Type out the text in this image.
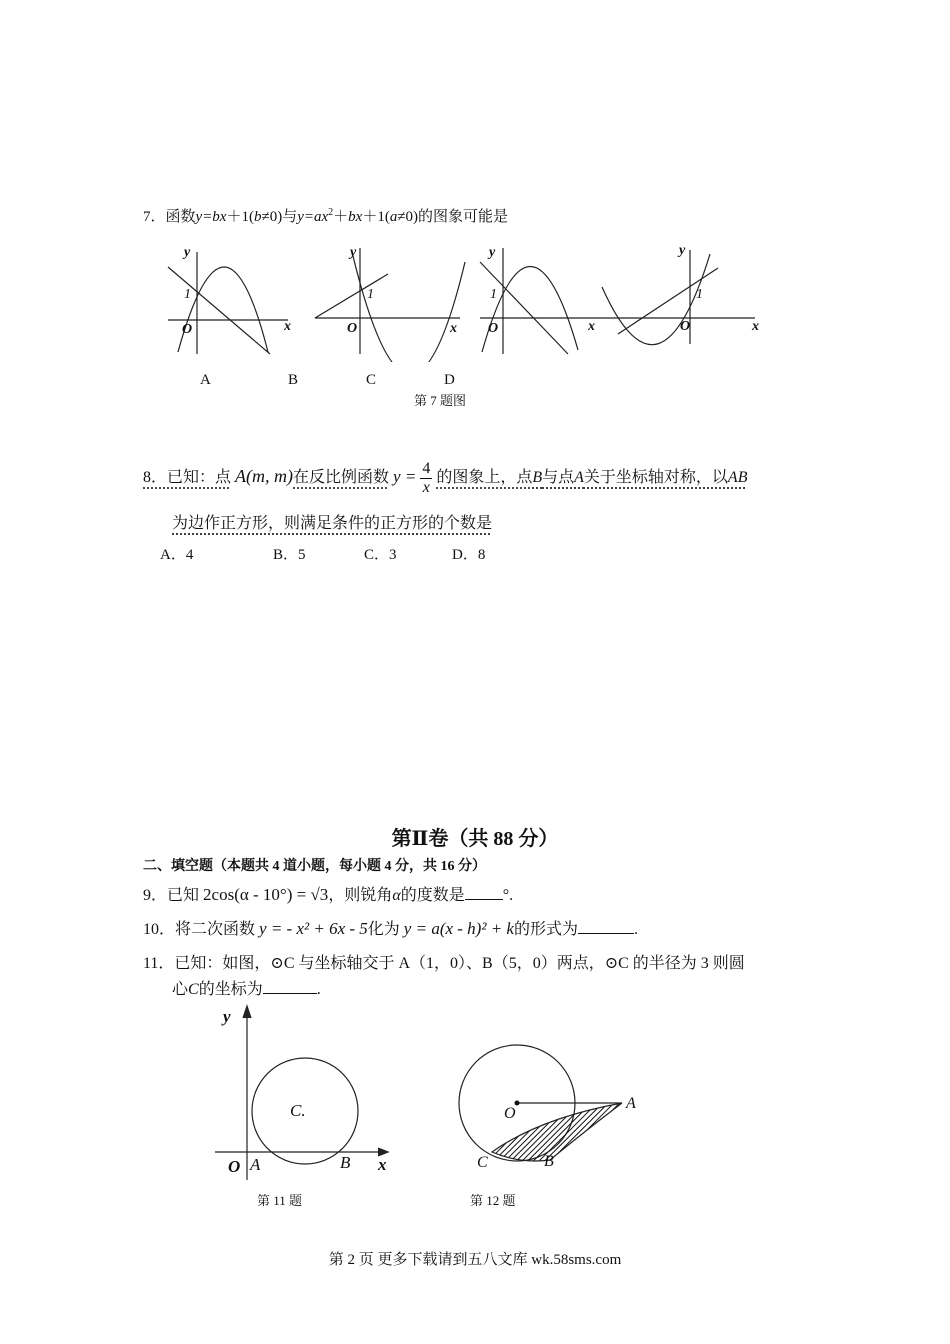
7．函数y=bx＋1(b≠0)与$y=ax^2+bx+1(a\ne 0)$的图象可能是
y
x
O
1
y
x
O
1
y
x
O
1
y
x
O
1
A	B	C	D
第 7 题图
8．已知：点 A(m, m)在反比例函数 $y = \frac{4}{x}$ 的图象上，点B与点A关于坐标轴对称，以AB
为边作正方形，则满足条件的正方形的个数是
A．4	B．5	C．3	D．8
第Ⅱ卷（共 88 分）
二、填空题（本题共 4 道小题，每小题 4 分，共 16 分）
9．已知 2cos(α - 10°) = √3，则锐角α的度数是 °.
10．将二次函数 y = - x² + 6x - 5化为 y = a(x - h)² + k的形式为	.
11．已知：如图，⊙C 与坐标轴交于 A（1，0）、B（5，0）两点，⊙C 的半径为 3 则圆
心C的坐标为	.
y
x
O A	B
C.
第 11 题
O
A
B
C
第 12 题
第 2 页 更多下载请到五八文库 wk.58sms.com
